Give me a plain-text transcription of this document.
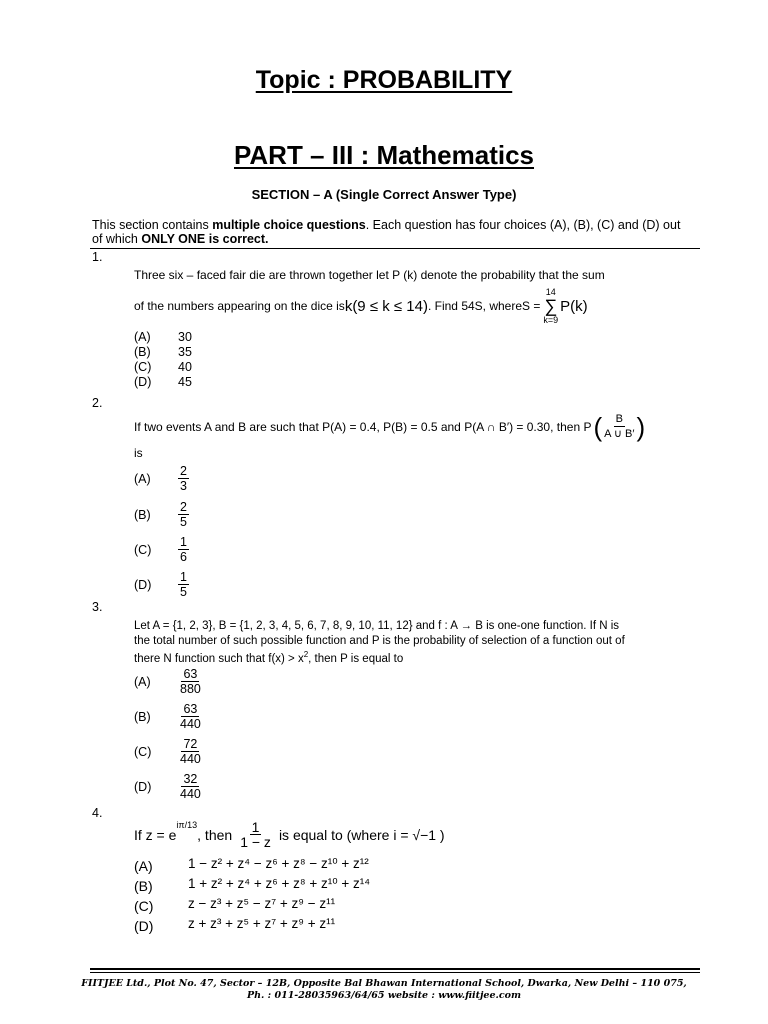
Topic : PROBABILITY
PART – III : Mathematics
SECTION – A (Single Correct Answer Type)
This section contains multiple choice questions. Each question has four choices (A), (B), (C) and (D) out of which ONLY ONE is correct.
1.
Three six – faced fair die are thrown together let P (k) denote the probability that the sum
of the numbers appearing on the dice is k(9 ≤ k ≤ 14) . Find 54S, where S =
14
∑
k=9
P(k)
(A) 30
(B) 35
(C) 40
(D) 45
2.
If two events A and B are such that P(A) = 0.4, P(B) = 0.5 and P(A ∩ B′) = 0.30, then P ( $\frac{B}{A \cup B'}$ )
is
$(A) \frac{2}{3}$
$(B) \frac{2}{5}$
$(C) \frac{1}{6}$
$(D) \frac{1}{5}$
3.
Let A = {1, 2, 3}, B = {1, 2, 3, 4, 5, 6, 7, 8, 9, 10, 11, 12} and f : A → B is one-one function. If N is
the total number of such possible function and P is the probability of selection of a function out of
there N function such that $f(x) > x^2$, then P is equal to
$(A) \frac{63}{880}$
$(B) \frac{63}{440}$
$(C) \frac{72}{440}$
$(D) \frac{32}{440}$
4.
If z = e
$^{i\pi/13}$
, then $\frac{1}{1 - z}$ is equal to (where i = √−1 )
(A)	1 − z² + z⁴ − z⁶ + z⁸ − z¹⁰ + z¹²
(B)	1 + z² + z⁴ + z⁶ + z⁸ + z¹⁰ + z¹⁴
(C)	z − z³ + z⁵ − z⁷ + z⁹ − z¹¹
(D)	z + z³ + z⁵ + z⁷ + z⁹ + z¹¹
FIITJEE Ltd., Plot No. 47, Sector – 12B, Opposite Bal Bhawan International School, Dwarka, New Delhi – 110 075,
Ph. : 011-28035963/64/65 website : www.fiitjee.com
